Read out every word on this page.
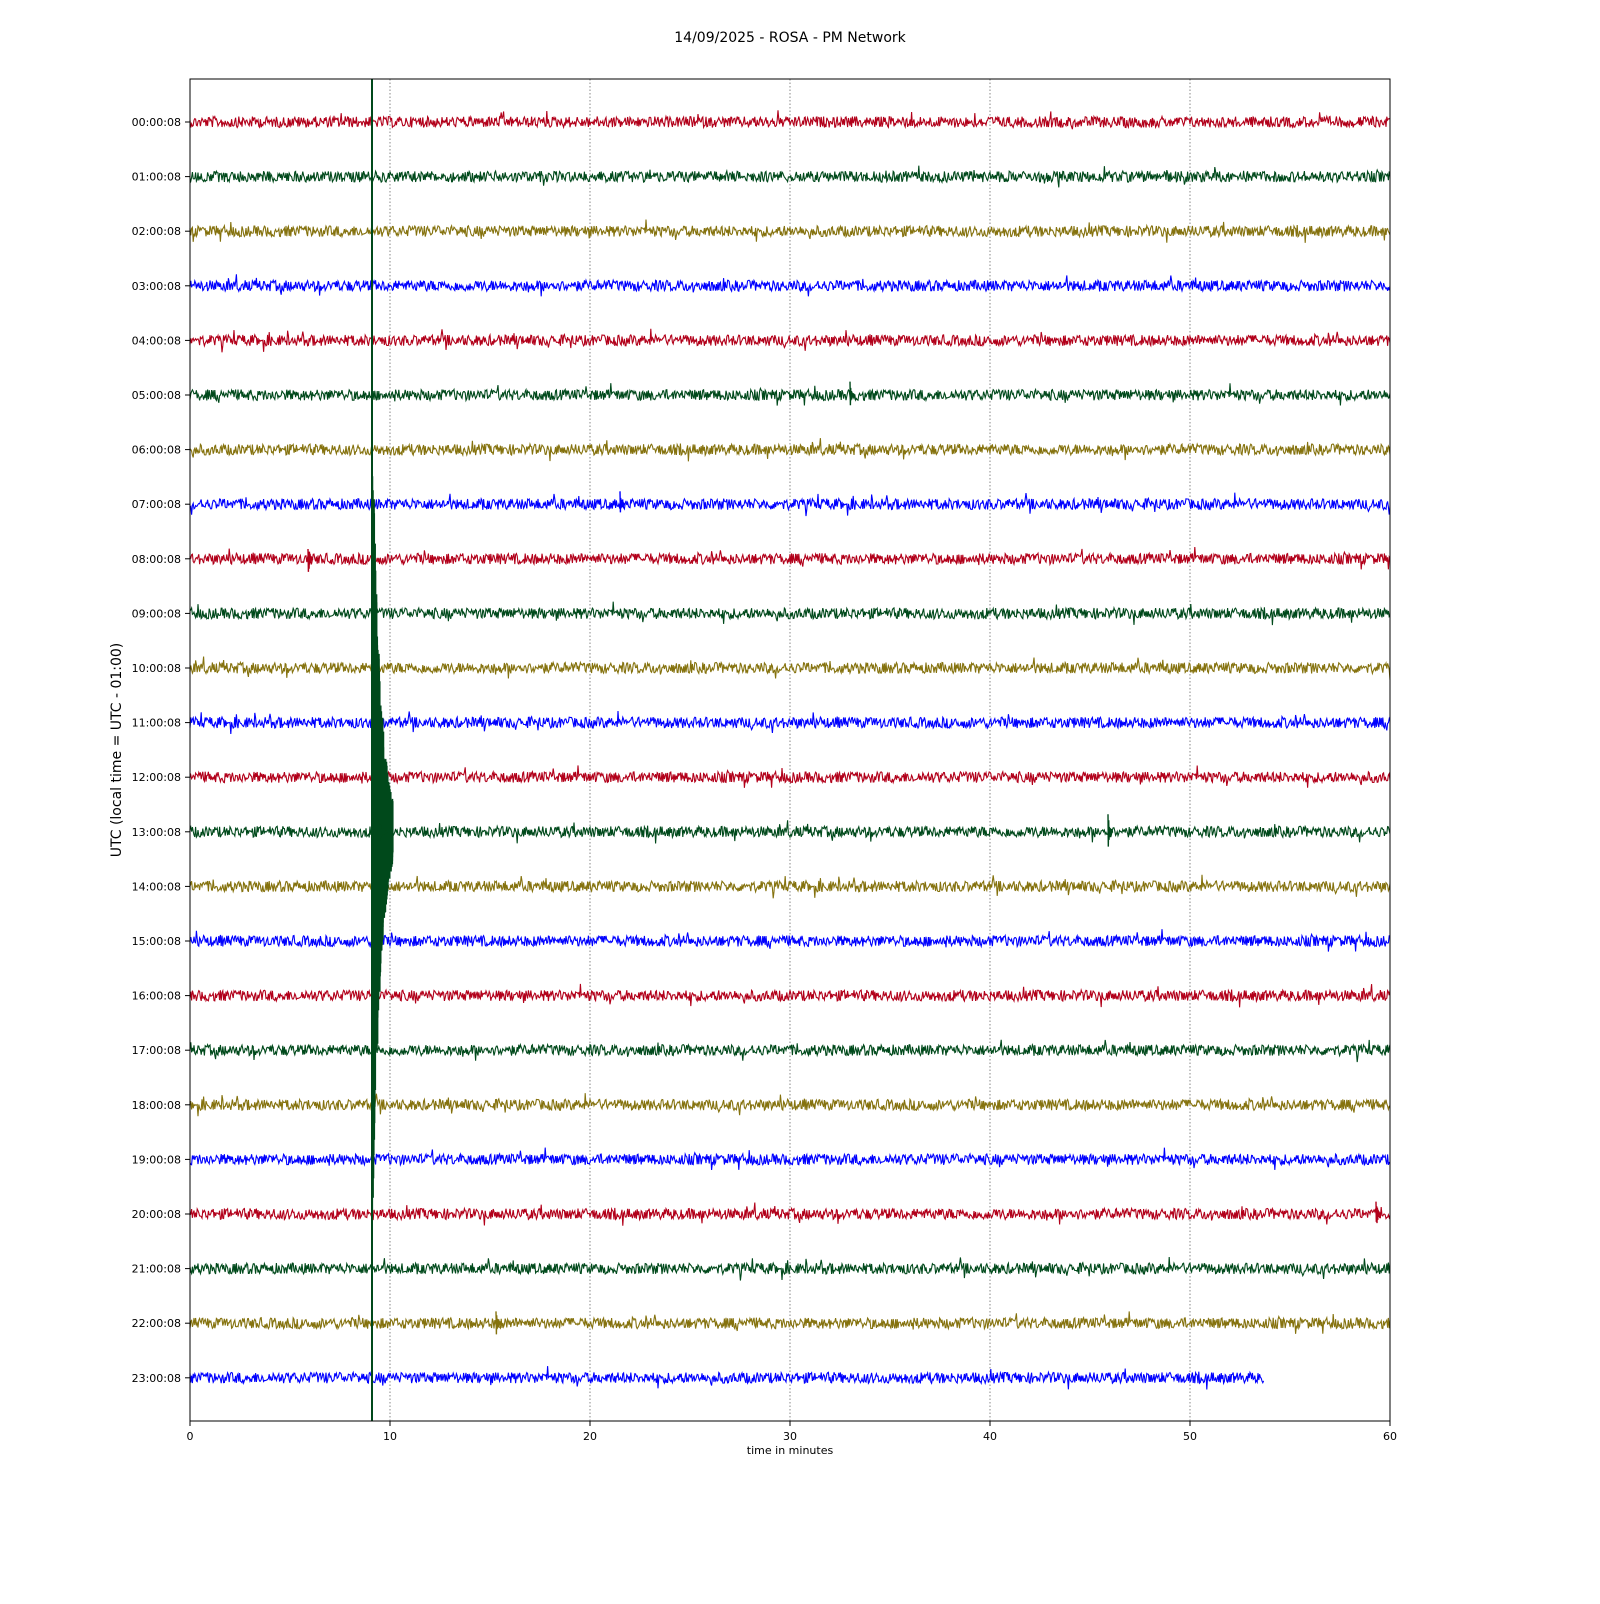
14/09/2025 - ROSA - PM Network
0	10	20	30	40	50	60
00:00:08
01:00:08
02:00:08
03:00:08
04:00:08
05:00:08
06:00:08
07:00:08
08:00:08
09:00:08
10:00:08
11:00:08
12:00:08
13:00:08
14:00:08
15:00:08
16:00:08
17:00:08
18:00:08
19:00:08
20:00:08
21:00:08
22:00:08
23:00:08
time in minutes
UTC (local time = UTC - 01:00)
